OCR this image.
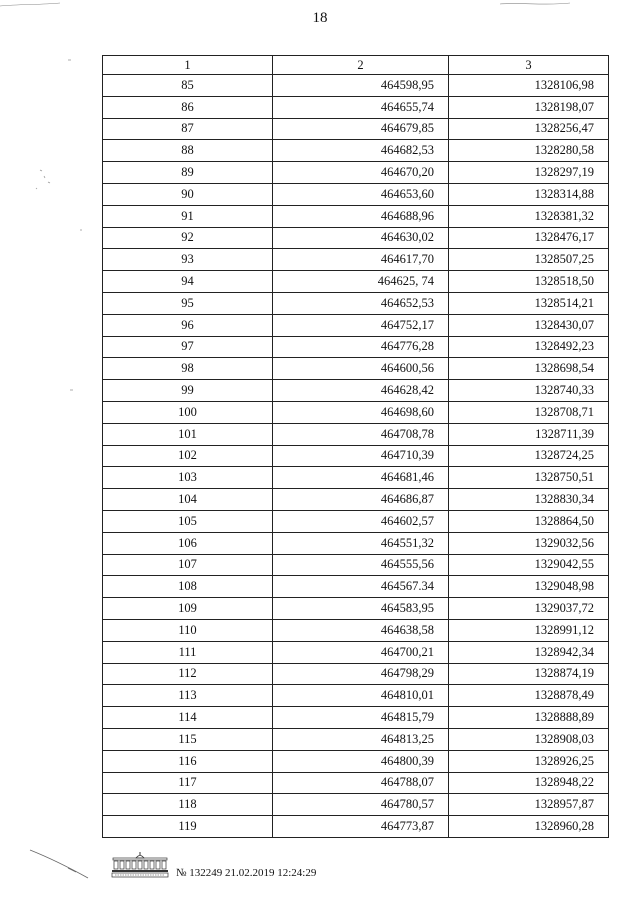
18
1	2	3
85	464598,95	1328106,98
86	464655,74	1328198,07
87	464679,85	1328256,47
88	464682,53	1328280,58
89	464670,20	1328297,19
90	464653,60	1328314,88
91	464688,96	1328381,32
92	464630,02	1328476,17
93	464617,70	1328507,25
94	464625, 74	1328518,50
95	464652,53	1328514,21
96	464752,17	1328430,07
97	464776,28	1328492,23
98	464600,56	1328698,54
99	464628,42	1328740,33
100	464698,60	1328708,71
101	464708,78	1328711,39
102	464710,39	1328724,25
103	464681,46	1328750,51
104	464686,87	1328830,34
105	464602,57	1328864,50
106	464551,32	1329032,56
107	464555,56	1329042,55
108	464567.34	1329048,98
109	464583,95	1329037,72
110	464638,58	1328991,12
111	464700,21	1328942,34
112	464798,29	1328874,19
113	464810,01	1328878,49
114	464815,79	1328888,89
115	464813,25	1328908,03
116	464800,39	1328926,25
117	464788,07	1328948,22
118	464780,57	1328957,87
119	464773,87	1328960,28
№ 132249 21.02.2019 12:24:29
